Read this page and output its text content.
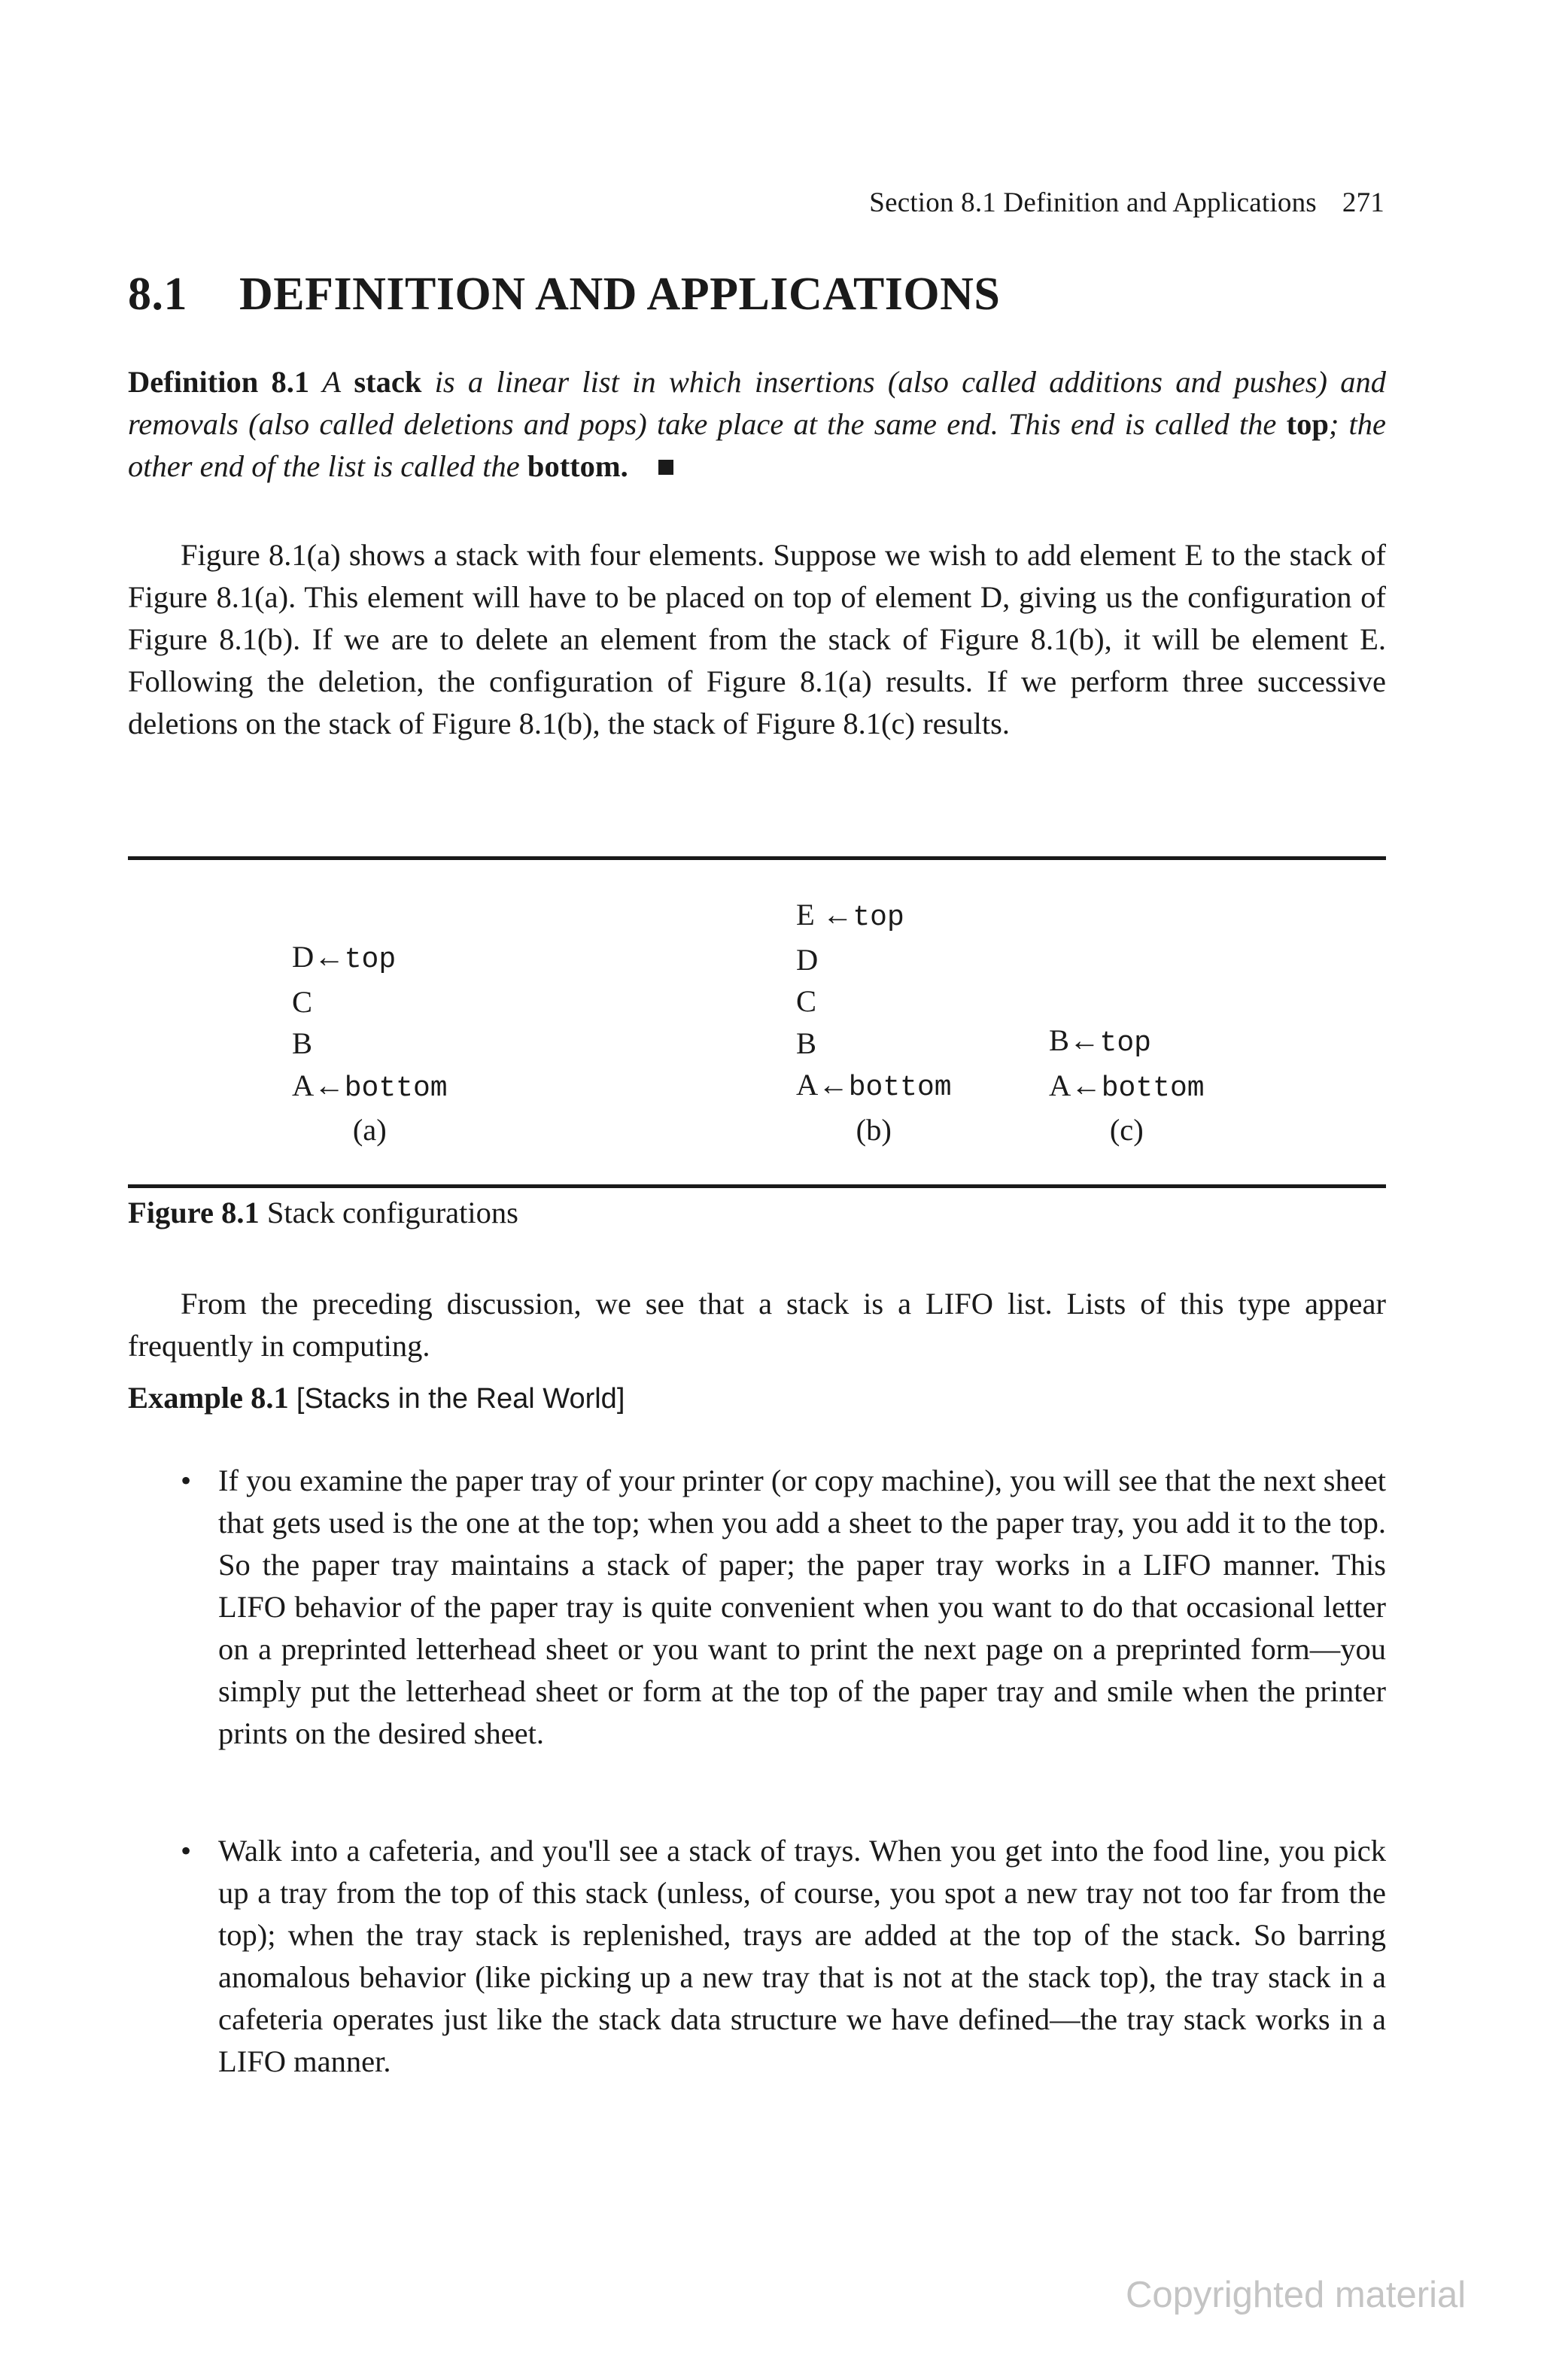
Section 8.1 Definition and Applications 271
8.1 DEFINITION AND APPLICATIONS
Definition 8.1 A stack is a linear list in which insertions (also called additions and pushes) and removals (also called deletions and pops) take place at the same end. This end is called the top; the other end of the list is called the bottom.
Figure 8.1(a) shows a stack with four elements. Suppose we wish to add element E to the stack of Figure 8.1(a). This element will have to be placed on top of element D, giving us the configuration of Figure 8.1(b). If we are to delete an element from the stack of Figure 8.1(b), it will be element E. Following the deletion, the configuration of Figure 8.1(a) results. If we perform three successive deletions on the stack of Figure 8.1(b), the stack of Figure 8.1(c) results.
D←top
C
B
A←bottom
(a)
E ←top
D
C
B
A←bottom
(b)
B←top
A←bottom
(c)
Figure 8.1 Stack configurations
From the preceding discussion, we see that a stack is a LIFO list. Lists of this type appear frequently in computing.
Example 8.1 [Stacks in the Real World]
• If you examine the paper tray of your printer (or copy machine), you will see that the next sheet that gets used is the one at the top; when you add a sheet to the paper tray, you add it to the top. So the paper tray maintains a stack of paper; the paper tray works in a LIFO manner. This LIFO behavior of the paper tray is quite convenient when you want to do that occasional letter on a preprinted letterhead sheet or you want to print the next page on a preprinted form—you simply put the letterhead sheet or form at the top of the paper tray and smile when the printer prints on the desired sheet.
• Walk into a cafeteria, and you'll see a stack of trays. When you get into the food line, you pick up a tray from the top of this stack (unless, of course, you spot a new tray not too far from the top); when the tray stack is replenished, trays are added at the top of the stack. So barring anomalous behavior (like picking up a new tray that is not at the stack top), the tray stack in a cafeteria operates just like the stack data structure we have defined—the tray stack works in a LIFO manner.
Copyrighted material
